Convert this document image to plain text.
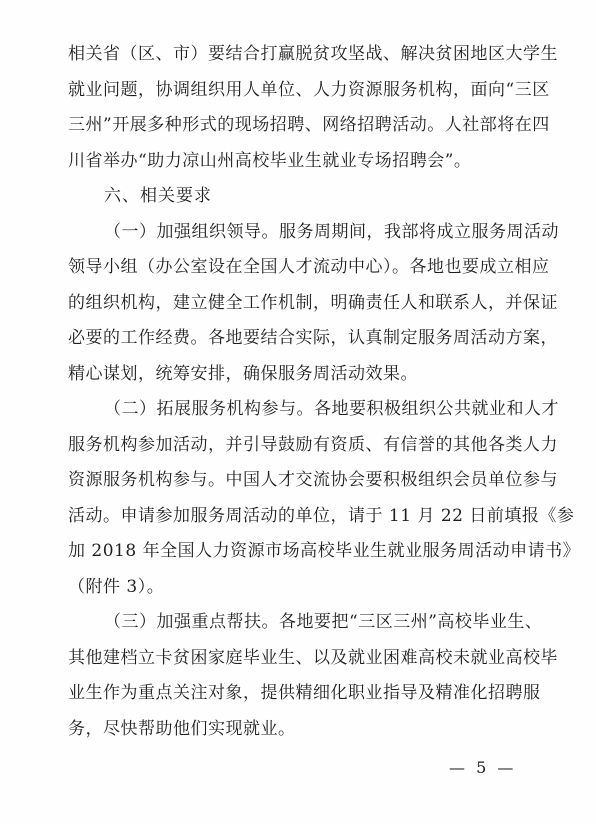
相关省（区、市）要结合打赢脱贫攻坚战、解决贫困地区大学生
就业问题，协调组织用人单位、人力资源服务机构，面向“三区
三州”开展多种形式的现场招聘、网络招聘活动。人社部将在四
川省举办“助力凉山州高校毕业生就业专场招聘会”。
六、相关要求
（一）加强组织领导。服务周期间，我部将成立服务周活动
领导小组（办公室设在全国人才流动中心）。各地也要成立相应
的组织机构，建立健全工作机制，明确责任人和联系人，并保证
必要的工作经费。各地要结合实际，认真制定服务周活动方案，
精心谋划，统筹安排，确保服务周活动效果。
（二）拓展服务机构参与。各地要积极组织公共就业和人才
服务机构参加活动，并引导鼓励有资质、有信誉的其他各类人力
资源服务机构参与。中国人才交流协会要积极组织会员单位参与
活动。申请参加服务周活动的单位，请于 11 月 22 日前填报《参
加 2018 年全国人力资源市场高校毕业生就业服务周活动申请书》
（附件 3）。
（三）加强重点帮扶。各地要把“三区三州”高校毕业生、
其他建档立卡贫困家庭毕业生、以及就业困难高校未就业高校毕
业生作为重点关注对象，提供精细化职业指导及精准化招聘服
务，尽快帮助他们实现就业。
— 5 —
